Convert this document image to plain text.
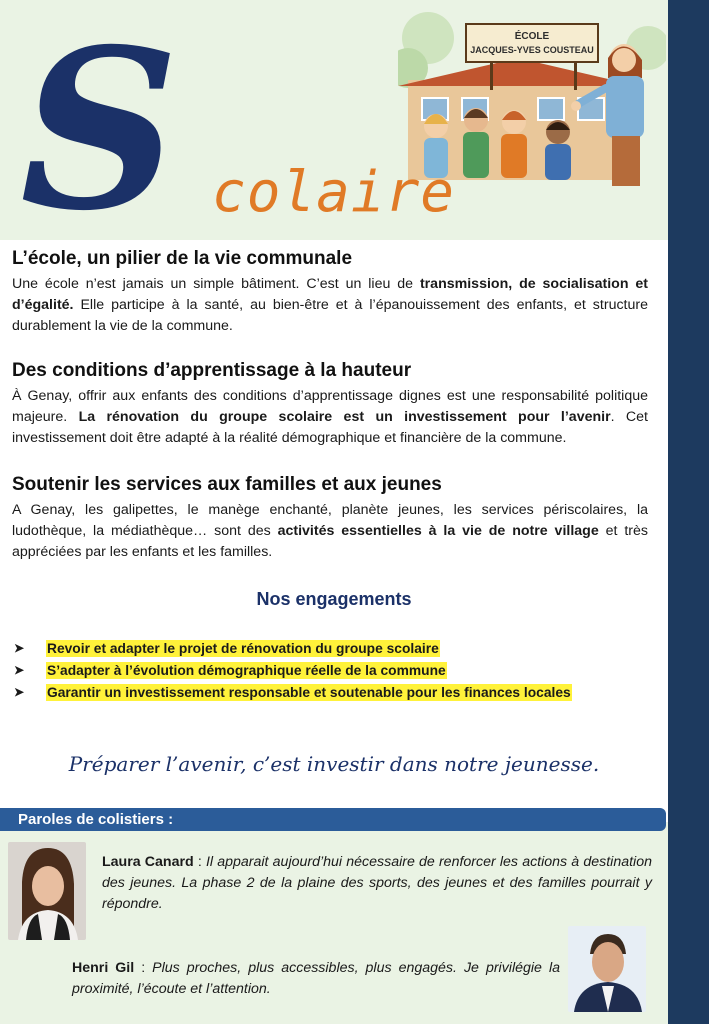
ÉCOLE
JACQUES-YVES COUSTEAU
S colaire
L’école, un pilier de la vie communale

Une école n’est jamais un simple bâtiment. C’est un lieu de transmission, de socialisation et d’égalité. Elle participe à la santé, au bien-être et à l’épanouissement des enfants, et structure durablement la vie de la commune.

Des conditions d’apprentissage à la hauteur

À Genay, offrir aux enfants des conditions d’apprentissage dignes est une responsabilité politique majeure. La rénovation du groupe scolaire est un investissement pour l’avenir. Cet investissement doit être adapté à la réalité démographique et financière de la commune.

Soutenir les services aux familles et aux jeunes

A Genay, les galipettes, le manège enchanté, planète jeunes, les services périscolaires, la ludothèque, la médiathèque… sont des activités essentielles à la vie de notre village et très appréciées par les enfants et les familles.

Nos engagements
➤	Revoir et adapter le projet de rénovation du groupe scolaire
➤	S’adapter à l’évolution démographique réelle de la commune
➤	Garantir un investissement responsable et soutenable pour les finances locales
Préparer l’avenir, c’est investir dans notre jeunesse.
Paroles de colistiers :

Laura Canard : Il apparait aujourd’hui nécessaire de renforcer les actions à destination des jeunes. La phase 2 de la plaine des sports, des jeunes et des familles pourrait y répondre.

Henri Gil : Plus proches, plus accessibles, plus engagés. Je privilégie la proximité, l’écoute et l’attention.
